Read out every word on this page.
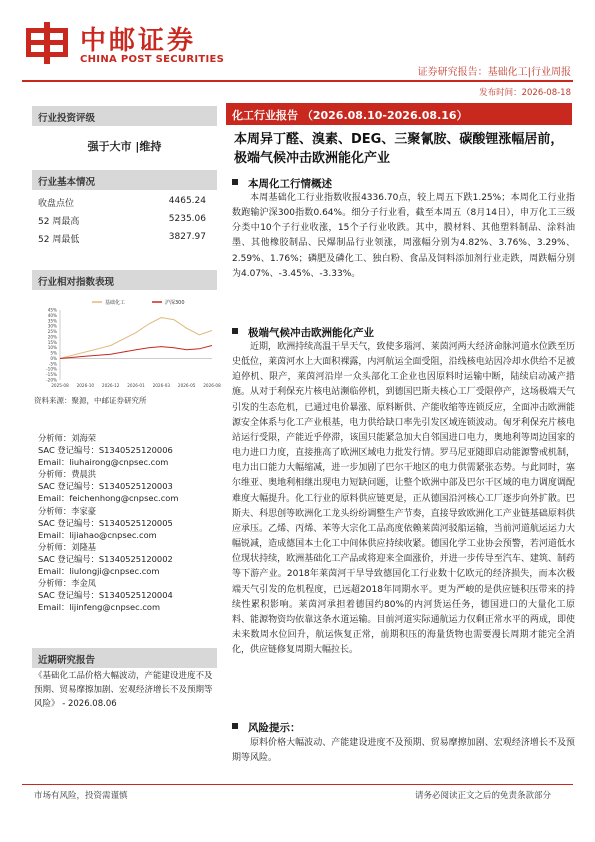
中邮证券
CHINA POST SECURITIES
证券研究报告：基础化工|行业周报
发布时间：2026-08-18
行业投资评级
强于大市 |维持
行业基本情况
收盘点位	4465.24
52 周最高	5235.06
52 周最低	3827.97
行业相对指数表现
45%
40%
35%
30%
25%
20%
15%
10%
5%
0%
-5%
-10%
-15%
-20%
2025-08 2026-10 2026-12 2026-01 2026-03 2026-05 2026-08
基础化工	沪深300
资料来源：聚源，中邮证券研究所
分析师：刘海荣
SAC 登记编号：S1340525120006
Email：liuhairong@cnpsec.com
分析师：费晨洪
SAC 登记编号：S1340525120003
Email：feichenhong@cnpsec.com
分析师：李家豪
SAC 登记编号：S1340525120005
Email：lijiahao@cnpsec.com
分析师：刘隆基
SAC 登记编号：S1340525120002
Email：liulongji@cnpsec.com
分析师：李金凤
SAC 登记编号：S1340525120004
Email：lijinfeng@cnpsec.com
近期研究报告
《基础化工品价格大幅波动，产能建设进度不及预期、贸易摩擦加剧、宏观经济增长不及预期等风险》 - 2026.08.06
化工行业报告 （2026.08.10-2026.08.16）
本周异丁醛、溴素、DEG、三聚氰胺、碳酸锂涨幅居前，极端气候冲击欧洲能化产业
本周化工行情概述
本周基础化工行业指数收报4336.70点，较上周五下跌1.25%；本周化工行业指数跑输沪深300指数0.64%。细分子行业看，截至本周五（8月14日），申万化工三级分类中10个子行业收涨，15个子行业收跌。其中，膜材料、其他塑料制品、涂料油墨、其他橡胶制品、民爆制品行业领涨，周涨幅分别为4.82%、3.76%、3.29%、2.59%、1.76%；磷肥及磷化工、独白粉、食品及饲料添加剂行业走跌，周跌幅分别为4.07%、-3.45%、-3.33%。
极端气候冲击欧洲能化产业
近期，欧洲持续高温干旱天气，致使多瑙河、莱茵河两大经济命脉河道水位跌至历史低位，莱茵河水上大面积裸露，内河航运全面受阻，沿线核电站因冷却水供给不足被迫停机、限产，莱茵河沿岸一众头部化工企业也因原料时运输中断，陆续启动减产措施。从对于利保充片核电站濒临停机，到德国巴斯夫核心工厂受限停产，这场极端天气引发的生态危机，已通过电价暴涨、原料断供、产能收缩等连锁反应，全面冲击欧洲能源安全体系与化工产业根基，电力供给缺口率先引发区域连锁波动。匈牙利保充片核电站运行受限，产能近乎停滞，该国只能紧急加大自邻国进口电力，奥地利等周边国家的电力进口力度，直接推高了欧洲区域电力批发行情。罗马尼亚随即启动能源警戒机制，电力出口能力大幅缩减，进一步加剧了巴尔干地区的电力供需紧张态势。与此同时，塞尔维亚、奥地利相继出现电力短缺问题，让整个欧洲中部及巴尔干区域的电力调度调配难度大幅提升。化工行业的原料供应链更是，正从德国沿河核心工厂逐步向外扩散。巴斯夫、科思创等欧洲化工龙头纷纷调整生产节奏，直接导致欧洲化工产业链基础原料供应承压。乙烯、丙烯、苯等大宗化工品高度依赖莱茵河驳船运输，当前河道航运运力大幅锐减，造成德国本土化工中间体供应持续收紧。德国化学工业协会预警，若河道低水位现状持续，欧洲基础化工产品或将迎来全面涨价，并进一步传导至汽车、建筑、制药等下游产业。2018年莱茵河干旱导致德国化工行业数十亿欧元的经济损失，而本次极端天气引发的危机程度，已远超2018年同期水平。更为严峻的是供应链积压带来的持续性累积影响。莱茵河承担着德国约80%的内河货运任务，德国进口的大量化工原料、能源物资均依靠这条水道运输。目前河道实际通航运力仅剩正常水平的两成，即使未来数周水位回升，航运恢复正常，前期积压的海量货物也需要漫长周期才能完全消化，供应链修复周期大幅拉长。
风险提示：
原料价格大幅波动、产能建设进度不及预期、贸易摩擦加剧、宏观经济增长不及预期等风险。
市场有风险，投资需谨慎	请务必阅读正文之后的免责条款部分
